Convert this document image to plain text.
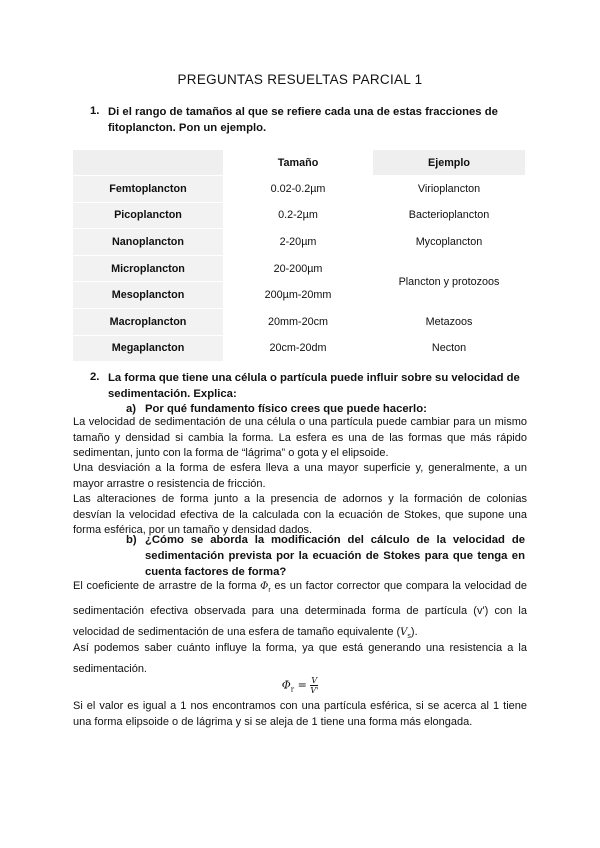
PREGUNTAS RESUELTAS PARCIAL 1
1. Di el rango de tamaños al que se refiere cada una de estas fracciones de fitoplancton. Pon un ejemplo.
	Tamaño	Ejemplo
Femtoplancton	0.02-0.2µm	Virioplancton
Picoplancton	0.2-2µm	Bacterioplancton
Nanoplancton	2-20µm	Mycoplancton
Microplancton	20-200µm	Plancton y protozoos
Mesoplancton	200µm-20mm	
Macroplancton	20mm-20cm	Metazoos
Megaplancton	20cm-20dm	Necton
2. La forma que tiene una célula o partícula puede influir sobre su velocidad de sedimentación. Explica:
a) Por qué fundamento físico crees que puede hacerlo:
La velocidad de sedimentación de una célula o una partícula puede cambiar para un mismo tamaño y densidad si cambia la forma. La esfera es una de las formas que más rápido sedimentan, junto con la forma de “lágrima” o gota y el elipsoide.
Una desviación a la forma de esfera lleva a una mayor superficie y, generalmente, a un mayor arrastre o resistencia de fricción.
Las alteraciones de forma junto a la presencia de adornos y la formación de colonias desvían la velocidad efectiva de la calculada con la ecuación de Stokes, que supone una forma esférica, por un tamaño y densidad dados.
b) ¿Cómo se aborda la modificación del cálculo de la velocidad de sedimentación prevista por la ecuación de Stokes para que tenga en cuenta factores de forma?
El coeficiente de arrastre de la forma $\Phi_r$ es un factor corrector que compara la velocidad de sedimentación efectiva observada para una determinada forma de partícula (v') con la velocidad de sedimentación de una esfera de tamaño equivalente $(V_s)$.
Así podemos saber cuánto influye la forma, ya que está generando una resistencia a la sedimentación.
$\Phi_r = \frac{V}{V'}$
Si el valor es igual a 1 nos encontramos con una partícula esférica, si se acerca al 1 tiene una forma elipsoide o de lágrima y si se aleja de 1 tiene una forma más elongada.
